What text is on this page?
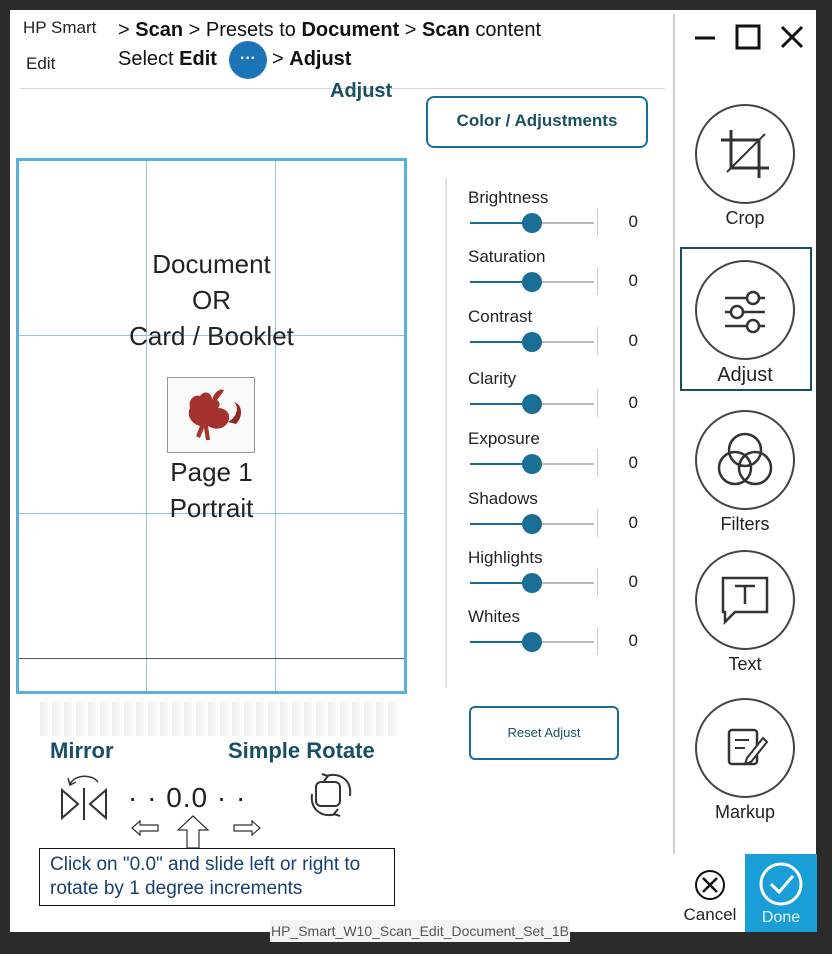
HP Smart
Edit
> Scan > Presets to Document > Scan content
Select Edit	··· > Adjust
Adjust
Document
OR
Card / Booklet
Page 1
Portrait
Color / Adjustments
Brightness
0
Saturation
0
Contrast
0
Clarity
0
Exposure
0
Shadows
0
Highlights
0
Whites
0
Reset Adjust
Mirror	Simple Rotate
· · 0.0 · ·
Click on "0.0" and slide left or right to
rotate by 1 degree increments
Crop
Adjust
Filters
Text
Markup
Cancel	Done
HP_Smart_W10_Scan_Edit_Document_Set_1B
